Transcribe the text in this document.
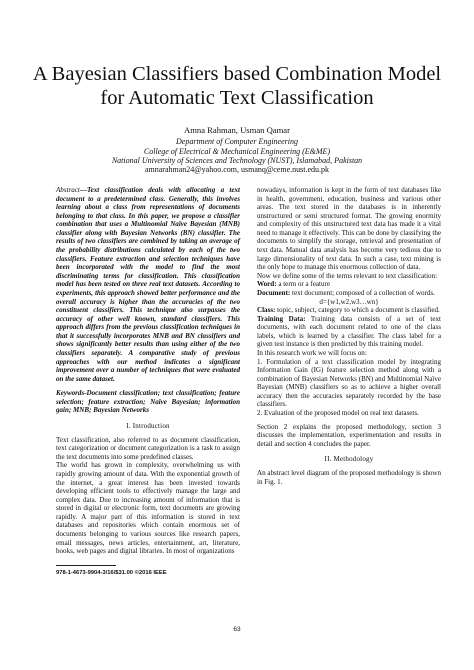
A Bayesian Classifiers based Combination Model for Automatic Text Classification
Amna Rahman, Usman Qamar
Department of Computer Engineering
College of Electrical & Mechanical Engineering (E&ME)
National University of Sciences and Technology (NUST), Islamabad, Pakistan
amnarahman24@yahoo.com, usmanq@ceme.nust.edu.pk

Abstract—Text classification deals with allocating a text document to a predetermined class. Generally, this involves learning about a class from representations of documents belonging to that class. In this paper, we propose a classifier combination that uses a Multinomial Naïve Bayesian (MNB) classifier along with Bayesian Networks (BN) classifier. The results of two classifiers are combined by taking an average of the probability distributions calculated by each of the two classifiers. Feature extraction and selection techniques have been incorporated with the model to find the most discriminating terms for classification. This classification model has been tested on three real text datasets. According to experiments, this approach showed better performance and the overall accuracy is higher than the accuracies of the two constituent classifiers. This technique also surpasses the accuracy of other well known, standard classifiers. This approach differs from the previous classification techniques in that it successfully incorporates MNB and BN classifiers and shows significantly better results than using either of the two classifiers separately. A comparative study of previous approaches with our method indicates a significant improvement over a number of techniques that were evaluated on the same dataset.

Keywords-Document classification; text classification; feature selection; feature extraction; Naïve Bayesian; information gain; MNB; Bayesian Networks

I. Introduction

Text classification, also referred to as document classification, text categorization or document categorization is a task to assign the text documents into some predefined classes.

The world has grown in complexity, overwhelming us with rapidly growing amount of data. With the exponential growth of the internet, a great interest has been invested towards developing efficient tools to effectively manage the large and complex data. Due to increasing amount of information that is stored in digital or electronic form, text documents are growing rapidly. A major part of this information is stored in text databases and repositories which contain enormous set of documents belonging to various sources like research papers, email messages, news articles, entertainment, art, literature, books, web pages and digital libraries. In most of organizations

nowadays, information is kept in the form of text databases like in health, government, education, business and various other areas. The text stored in the databases is in inherently unstructured or semi structured format. The growing enormity and complexity of this unstructured text data has made it a vital need to manage it effectively. This can be done by classifying the documents to simplify the storage, retrieval and presentation of text data. Manual data analysis has become very tedious due to large dimensionality of text data. In such a case, text mining is the only hope to manage this enormous collection of data.

Now we define some of the terms relevant to text classification:

Word: a term or a feature

Document: text document; composed of a collection of words.

d={w1,w2,w3…wn}

Class: topic, subject, category to which a document is classified.

Training Data: Training data consists of a set of text documents, with each document related to one of the class labels, which is learned by a classifier. The class label for a given test instance is then predicted by this training model.

In this research work we will focus on:

1. Formulation of a text classification model by integrating Information Gain (IG) feature selection method along with a combination of Bayesian Networks (BN) and Multinomial Naïve Bayesian (MNB) classifiers so as to achieve a higher overall accuracy then the accuracies separately recorded by the base classifiers.

2. Evaluation of the proposed model on real text datasets.

Section 2 explains the proposed methodology, section 3 discusses the implementation, experimentation and results in detail and section 4 concludes the paper.

II. Methodology

An abstract level diagram of the proposed methodology is shown in Fig. 1.

978-1-4673-9904-3/16/$31.00 ©2016 IEEE
63
